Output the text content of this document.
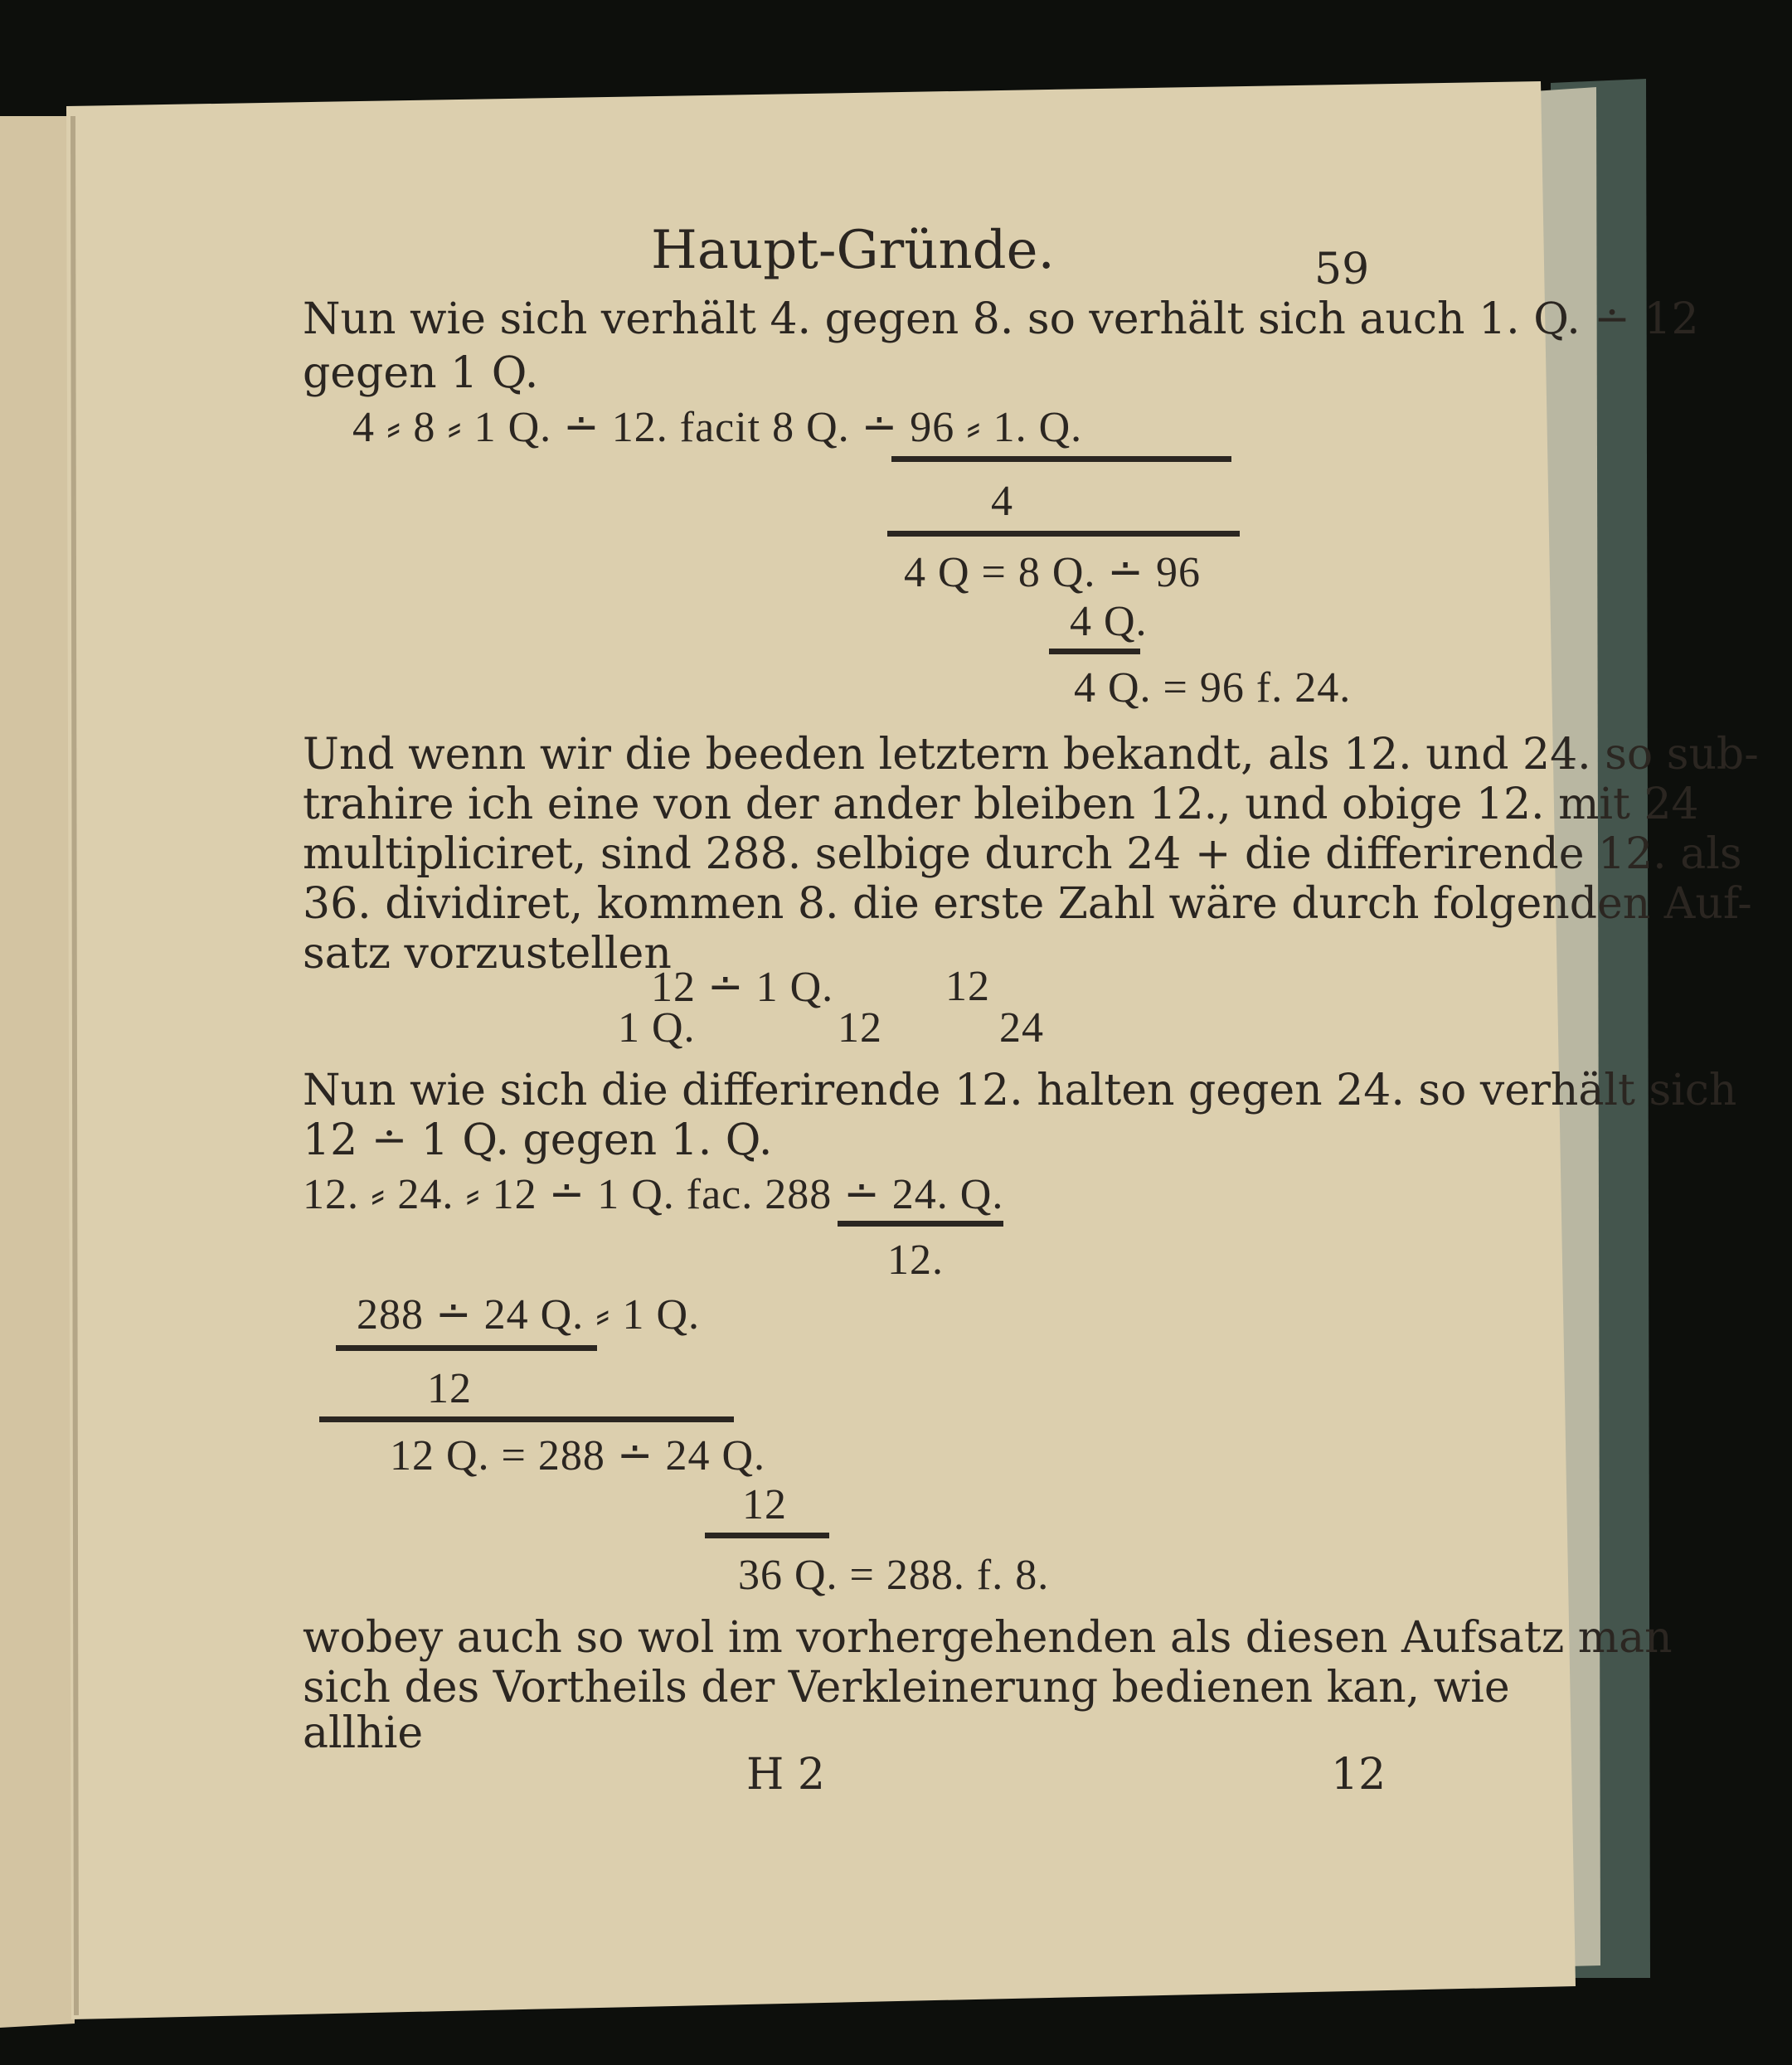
Haupt-Gründe.	59
Nun wie sich verhält 4. gegen 8. so verhält sich auch 1. Q. ∸ 12
gegen 1 Q.
4 ⸗ 8 ⸗ 1 Q. ∸ 12. facit 8 Q. ∸ 96 ⸗ 1. Q.
4
4 Q = 8 Q. ∸ 96
4 Q.
4 Q. = 96 f. 24.
Und wenn wir die beeden letztern bekandt, als 12. und 24. so sub-
trahire ich eine von der ander bleiben 12., und obige 12. mit 24
multipliciret, sind 288. selbige durch 24 + die differirende 12. als
36. dividiret, kommen 8. die erste Zahl wäre durch folgenden Auf-
satz vorzustellen
12 ∸ 1 Q.	12
1 Q.	12	24
Nun wie sich die differirende 12. halten gegen 24. so verhält sich
12 ∸ 1 Q. gegen 1. Q.
12. ⸗ 24. ⸗ 12 ∸ 1 Q. fac. 288 ∸ 24. Q.
12.
288 ∸ 24 Q. ⸗ 1 Q.
12
12 Q. = 288 ∸ 24 Q.
12
36 Q. = 288. f. 8.
wobey auch so wol im vorhergehenden als diesen Aufsatz man
sich des Vortheils der Verkleinerung bedienen kan, wie
allhie
H 2	12
